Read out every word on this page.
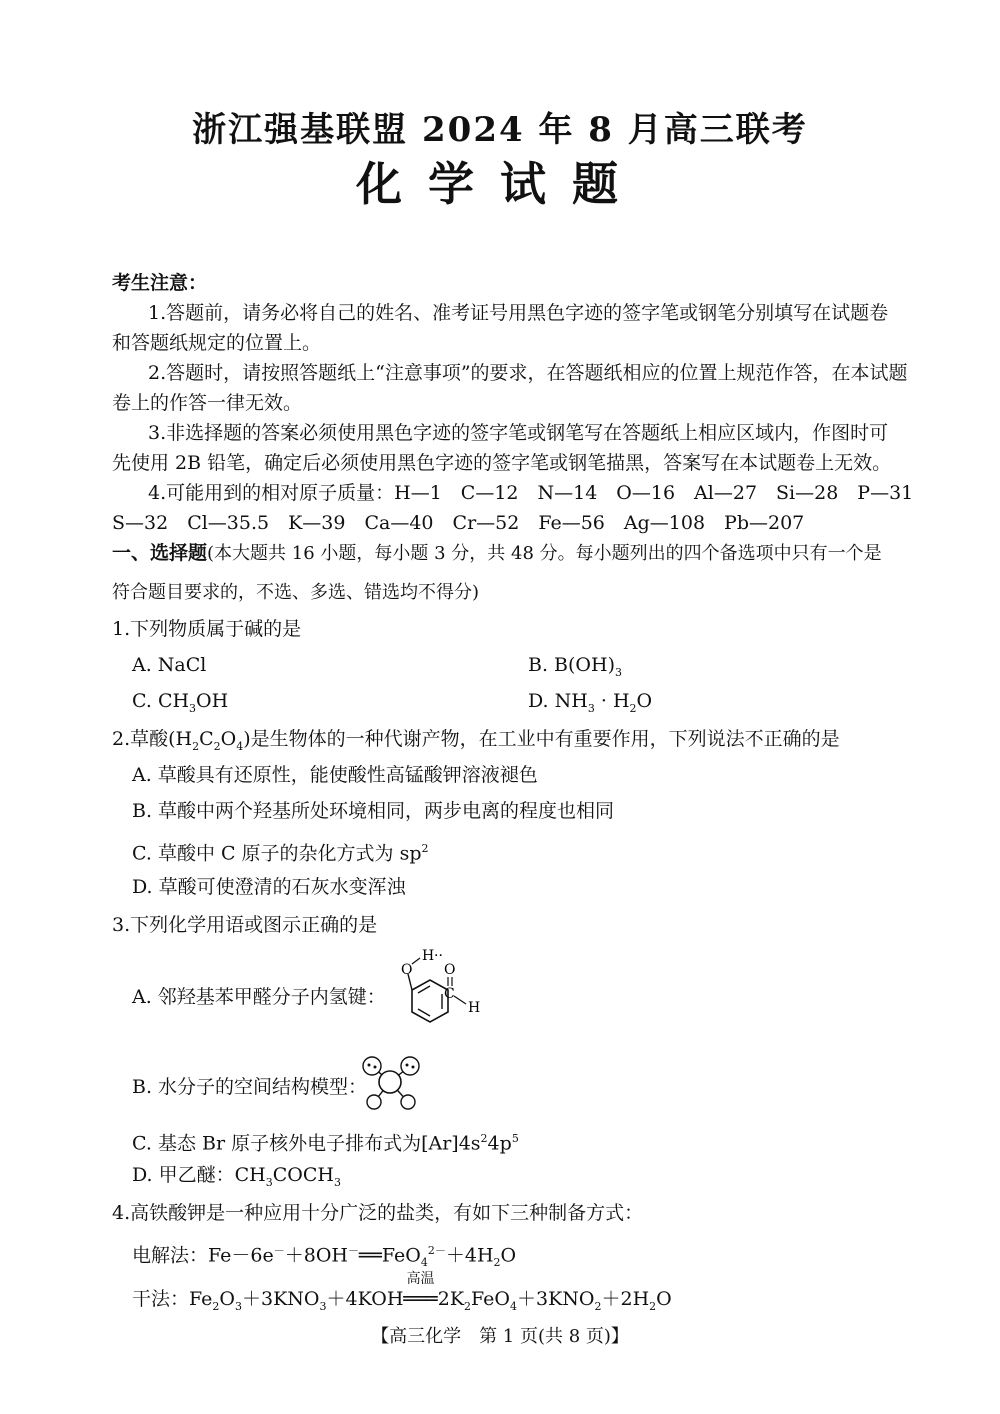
浙江强基联盟 2024 年 8 月高三联考
化学试题
考生注意：
1.答题前，请务必将自己的姓名、准考证号用黑色字迹的签字笔或钢笔分别填写在试题卷
和答题纸规定的位置上。
2.答题时，请按照答题纸上“注意事项”的要求，在答题纸相应的位置上规范作答，在本试题
卷上的作答一律无效。
3.非选择题的答案必须使用黑色字迹的签字笔或钢笔写在答题纸上相应区域内，作图时可
先使用 2B 铅笔，确定后必须使用黑色字迹的签字笔或钢笔描黑，答案写在本试题卷上无效。
4.可能用到的相对原子质量：H—1　C—12　N—14　O—16　Al—27　Si—28　P—31
S—32　Cl—35.5　K—39　Ca—40　Cr—52　Fe—56　Ag—108　Pb—207
一、选择题(本大题共 16 小题，每小题 3 分，共 48 分。每小题列出的四个备选项中只有一个是
符合题目要求的，不选、多选、错选均不得分)
1.下列物质属于碱的是
A. NaCl	B. $B(OH)_3$
C. $CH_3OH$	D. $NH_3 \cdot H_2O$
2.草酸$(H_2C_2O_4)$是生物体的一种代谢产物，在工业中有重要作用，下列说法不正确的是
A. 草酸具有还原性，能使酸性高锰酸钾溶液褪色
B. 草酸中两个羟基所处环境相同，两步电离的程度也相同
C. 草酸中 C 原子的杂化方式为 $sp^2$
D. 草酸可使澄清的石灰水变浑浊
3.下列化学用语或图示正确的是
A. 邻羟基苯甲醛分子内氢键：
O
H ··
O
C
H
B. 水分子的空间结构模型：
C. 基态 Br 原子核外电子排布式为$[Ar]4s^24p^5$
D. 甲乙醚：$CH_3COCH_3$
4.高铁酸钾是一种应用十分广泛的盐类，有如下三种制备方式：
电解法：$Fe-6e^-+8OH^-══FeO_4^{2-}+4H_2O$
干法：$Fe_2O_3+3KNO_3+4KOH$
高温
$═══2K_2FeO_4+3KNO_2+2H_2O$
【高三化学　第 1 页(共 8 页)】
